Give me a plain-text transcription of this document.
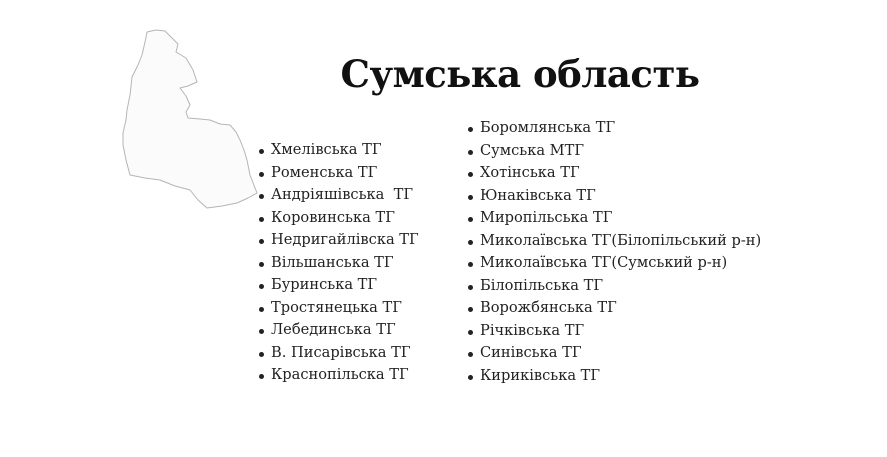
Сумська область
Хмелівська ТГ
Роменська ТГ
Андріяшівська  ТГ
Коровинська ТГ
Недригайлівска ТГ
Вільшанська ТГ
Буринська ТГ
Тростянецька ТГ
Лебединська ТГ
В. Писарівська ТГ
Краснопільска ТГ
Боромлянська ТГ
Сумська МТГ
Хотінська ТГ
Юнаківська ТГ
Миропільська ТГ
Миколаївська ТГ(Білопільський р-н)
Миколаївська ТГ(Сумський р-н)
Білопільська ТГ
Ворожбянська ТГ
Річківська ТГ
Синівська ТГ
Кириківська ТГ
